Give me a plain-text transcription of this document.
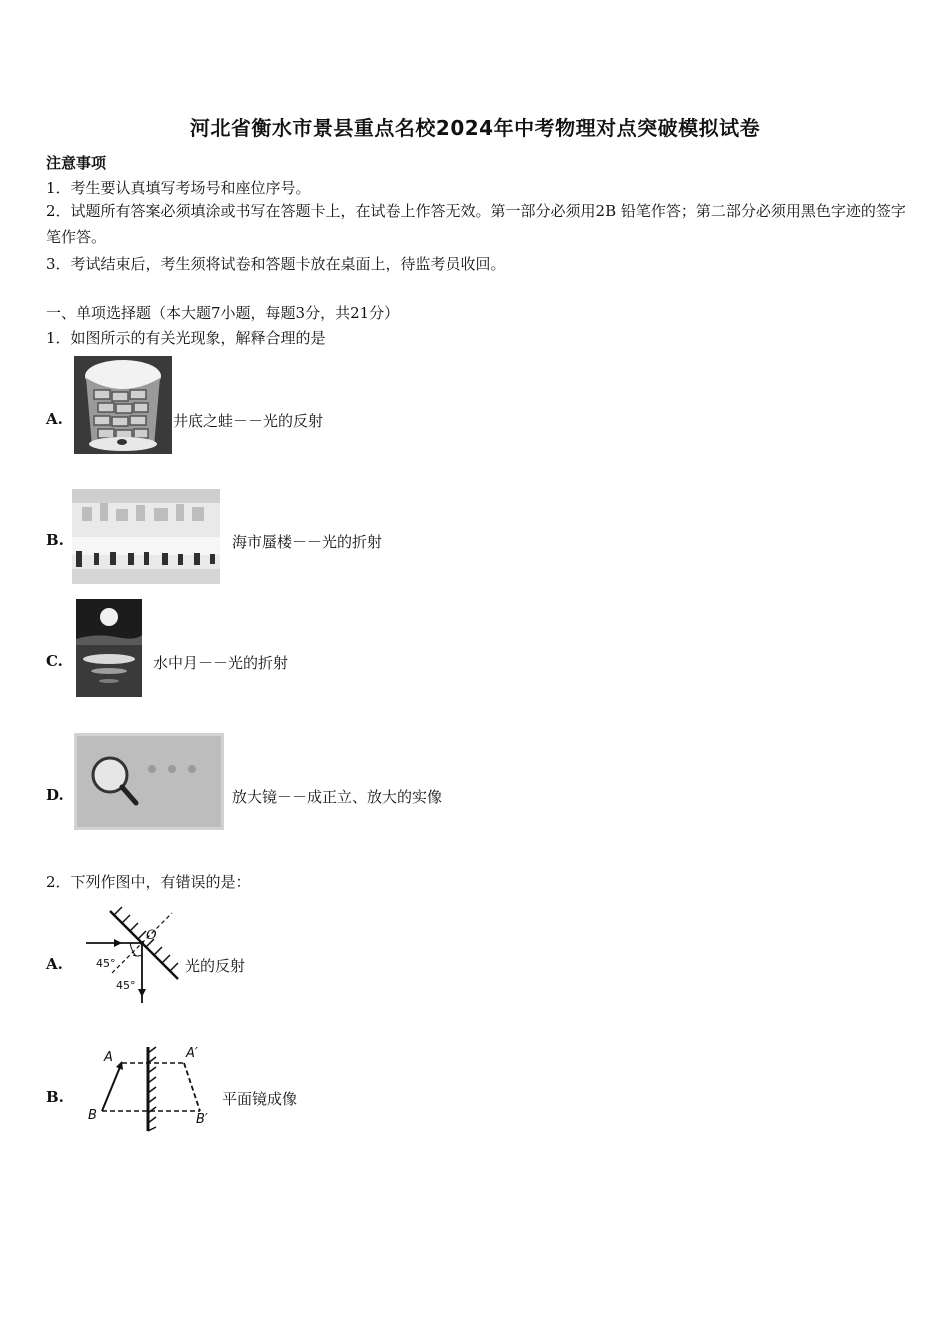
河北省衡水市景县重点名校2024年中考物理对点突破模拟试卷
注意事项
1．考生要认真填写考场号和座位序号。
2．试题所有答案必须填涂或书写在答题卡上，在试卷上作答无效。第一部分必须用2B 铅笔作答；第二部分必须用黑色字迹的签字笔作答。
3．考试结束后，考生须将试卷和答题卡放在桌面上，待监考员收回。
一、单项选择题（本大题7小题，每题3分，共21分）
1．如图所示的有关光现象，解释合理的是
A.	井底之蛙－－光的反射
B.	海市蜃楼－－光的折射
C.	水中月－－光的折射
D.	放大镜－－成正立、放大的实像
2．下列作图中，有错误的是：
A.
O
45°
45°
光的反射
B.
A	A′
B	B′
平面镜成像
